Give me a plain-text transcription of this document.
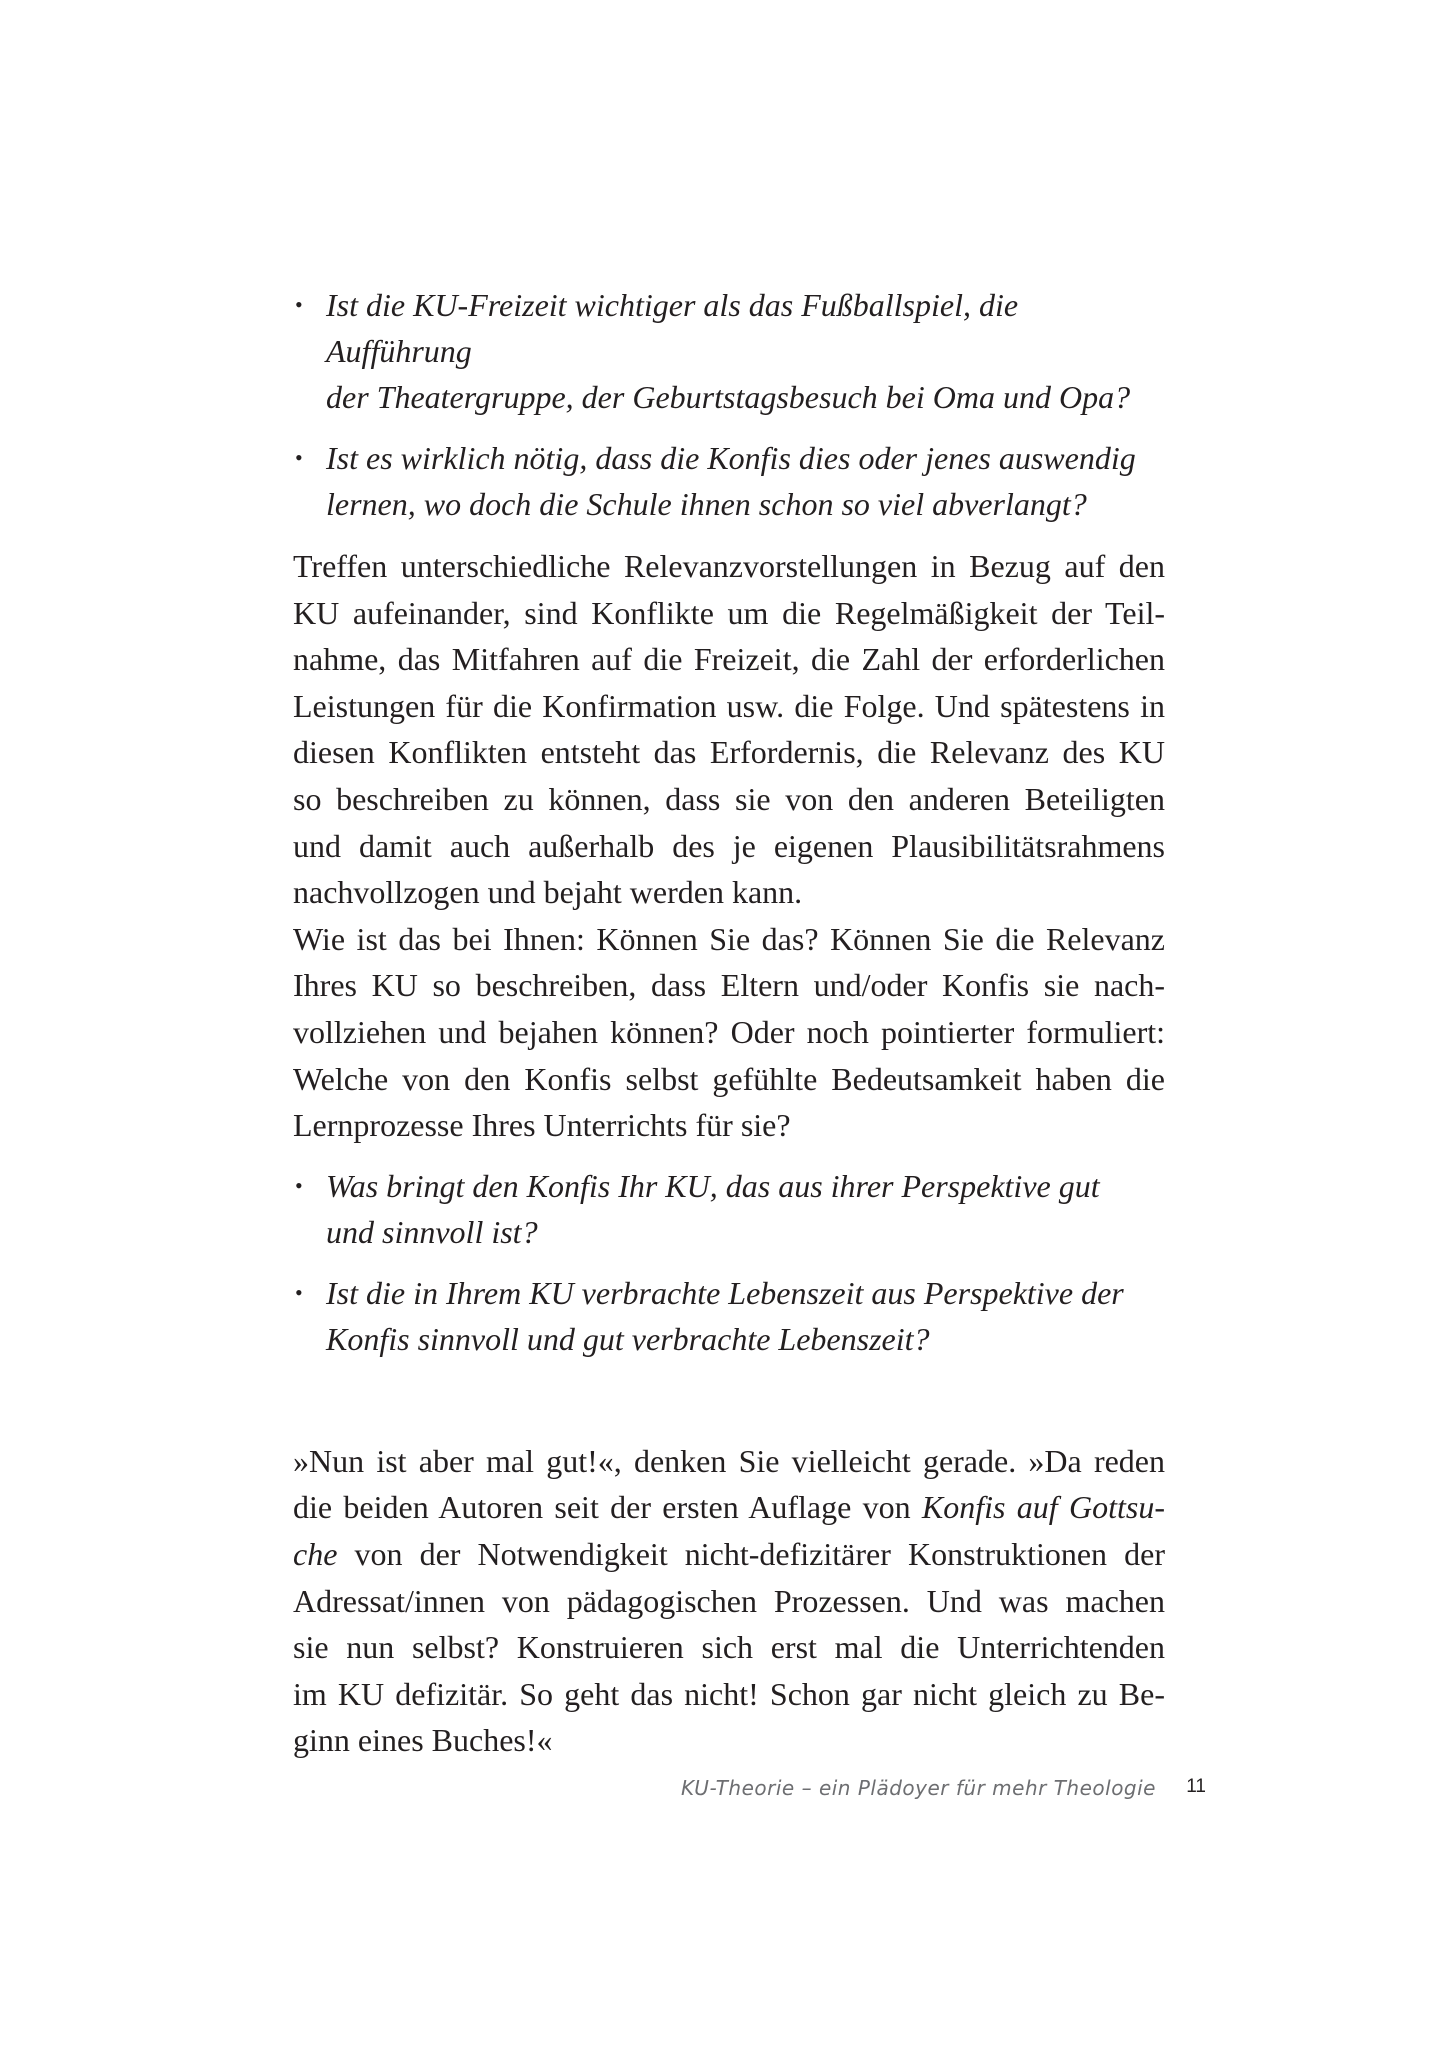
• Ist die KU-Freizeit wichtiger als das Fußballspiel, die Aufführung
der Theatergruppe, der Geburtstagsbesuch bei Oma und Opa?
• Ist es wirklich nötig, dass die Konfis dies oder jenes auswendig
lernen, wo doch die Schule ihnen schon so viel abverlangt?

Treffen unterschiedliche Relevanzvorstellungen in Bezug auf den
KU aufeinander, sind Konflikte um die Regelmäßigkeit der Teil-
nahme, das Mitfahren auf die Freizeit, die Zahl der erforderlichen
Leistungen für die Konfirmation usw. die Folge. Und spätestens in
diesen Konflikten entsteht das Erfordernis, die Relevanz des KU
so beschreiben zu können, dass sie von den anderen Beteiligten
und damit auch außerhalb des je eigenen Plausibilitätsrahmens
nachvollzogen und bejaht werden kann.

Wie ist das bei Ihnen: Können Sie das? Können Sie die Relevanz
Ihres KU so beschreiben, dass Eltern und/oder Konfis sie nach-
vollziehen und bejahen können? Oder noch pointierter formuliert:
Welche von den Konfis selbst gefühlte Bedeutsamkeit haben die
Lernprozesse Ihres Unterrichts für sie?

• Was bringt den Konfis Ihr KU, das aus ihrer Perspektive gut
und sinnvoll ist?
• Ist die in Ihrem KU verbrachte Lebenszeit aus Perspektive der
Konfis sinnvoll und gut verbrachte Lebenszeit?

»Nun ist aber mal gut!«, denken Sie vielleicht gerade. »Da reden
die beiden Autoren seit der ersten Auflage von Konfis auf Gottsu-
che von der Notwendigkeit nicht-defizitärer Konstruktionen der
Adressat/innen von pädagogischen Prozessen. Und was machen
sie nun selbst? Konstruieren sich erst mal die Unterrichtenden
im KU defizitär. So geht das nicht! Schon gar nicht gleich zu Be-
ginn eines Buches!«

KU-Theorie – ein Plädoyer für mehr Theologie 11
